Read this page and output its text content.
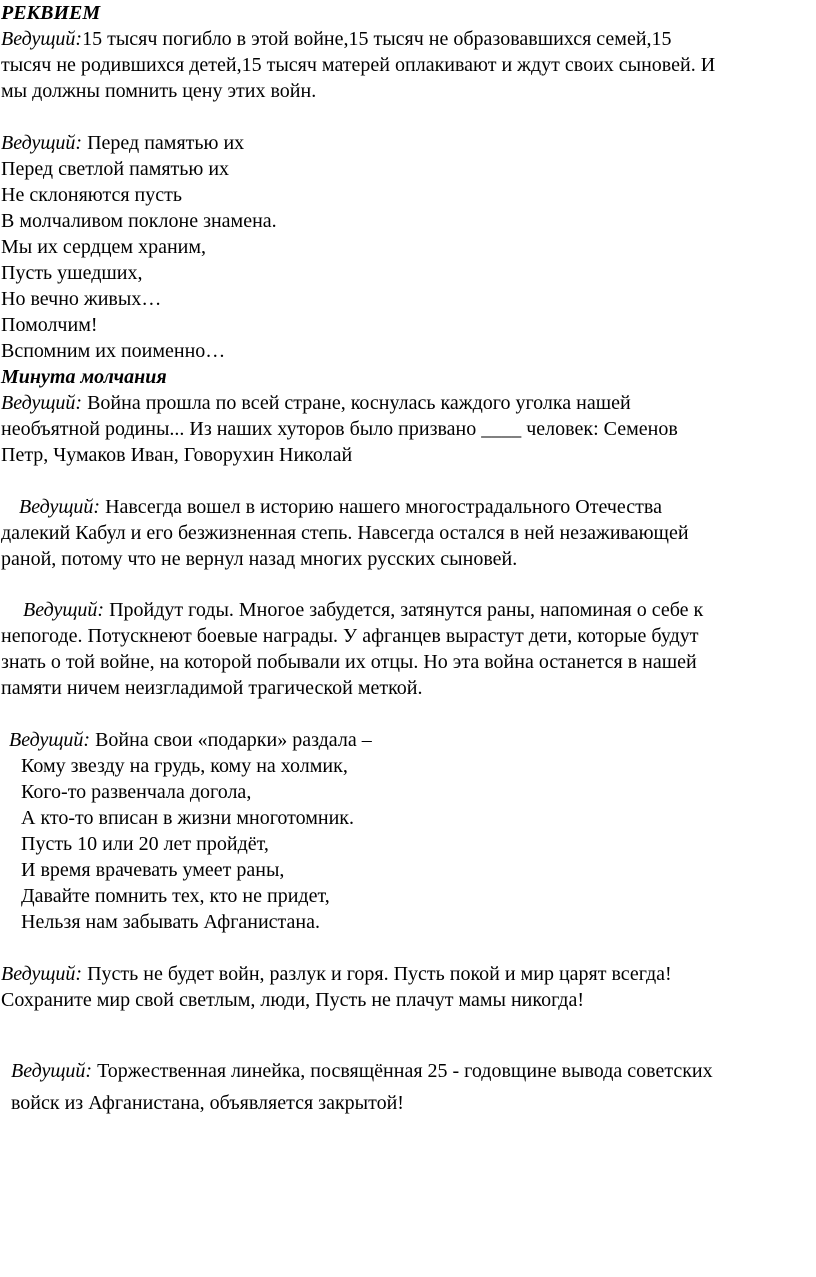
РЕКВИЕМ
Ведущий:15 тысяч погибло в этой войне,15 тысяч не образовавшихся семей,15
тысяч не родившихся детей,15 тысяч матерей оплакивают и ждут своих сыновей. И
мы должны помнить цену этих войн.
Ведущий: Перед памятью их
Перед светлой памятью их
Не склоняются пусть
В молчаливом поклоне знамена.
Мы их сердцем храним,
Пусть ушедших,
Но вечно живых…
Помолчим!
Вспомним их поименно…
Минута молчания
Ведущий: Война прошла по всей стране, коснулась каждого уголка нашей
необъятной родины... Из наших хуторов было призвано ____ человек: Семенов
Петр, Чумаков Иван, Говорухин Николай
Ведущий: Навсегда вошел в историю нашего многострадального Отечества
далекий Кабул и его безжизненная степь. Навсегда остался в ней незаживающей
раной, потому что не вернул назад многих русских сыновей.
Ведущий: Пройдут годы. Многое забудется, затянутся раны, напоминая о себе к
непогоде. Потускнеют боевые награды. У афганцев вырастут дети, которые будут
знать о той войне, на которой побывали их отцы. Но эта война останется в нашей
памяти ничем неизгладимой трагической меткой.
Ведущий: Война свои «подарки» раздала –
Кому звезду на грудь, кому на холмик,
Кого-то развенчала догола,
А кто-то вписан в жизни многотомник.
Пусть 10 или 20 лет пройдёт,
И время врачевать умеет раны,
Давайте помнить тех, кто не придет,
Нельзя нам забывать Афганистана.
Ведущий: Пусть не будет войн, разлук и горя. Пусть покой и мир царят всегда!
Сохраните мир свой светлым, люди, Пусть не плачут мамы никогда!
Ведущий: Торжественная линейка, посвящённая 25 - годовщине вывода советских
войск из Афганистана, объявляется закрытой!
